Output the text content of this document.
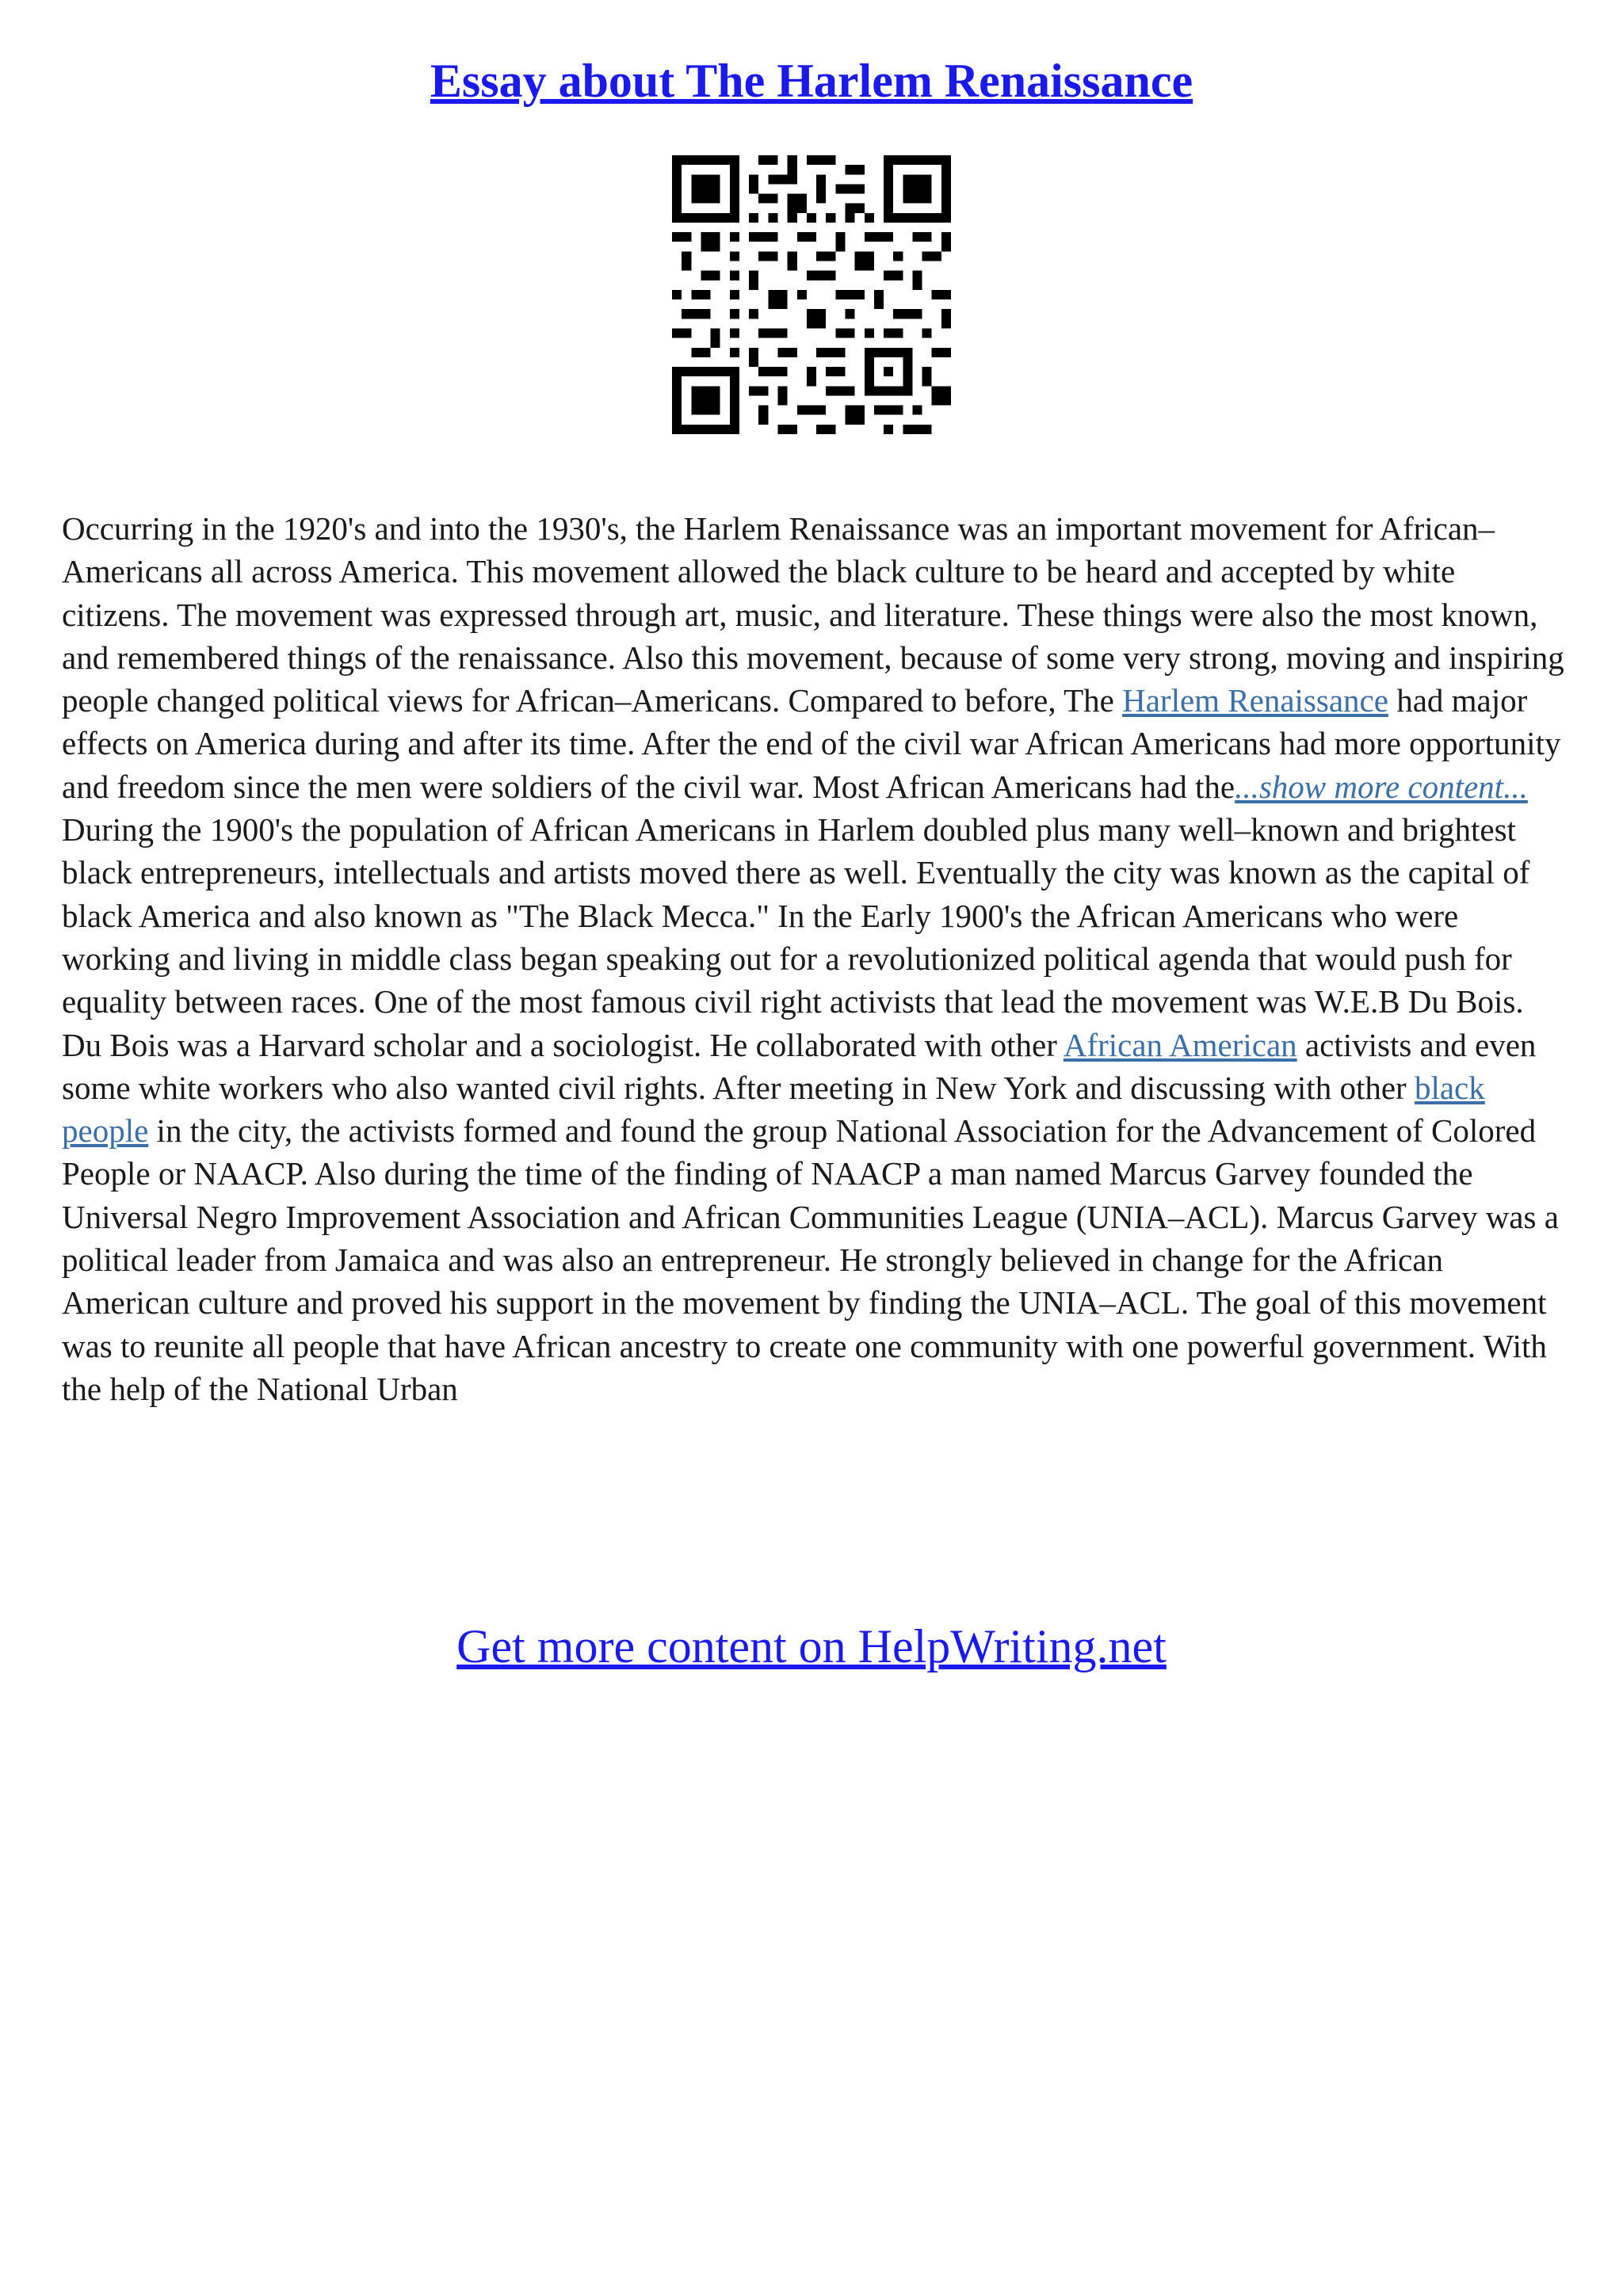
Essay about The Harlem Renaissance

Occurring in the 1920's and into the 1930's, the Harlem Renaissance was an important movement for African–Americans all across America. This movement allowed the black culture to be heard and accepted by white citizens. The movement was expressed through art, music, and literature. These things were also the most known, and remembered things of the renaissance. Also this movement, because of some very strong, moving and inspiring people changed political views for African–Americans. Compared to before, The Harlem Renaissance had major effects on America during and after its time. After the end of the civil war African Americans had more opportunity and freedom since the men were soldiers of the civil war. Most African Americans had the...show more content...

During the 1900's the population of African Americans in Harlem doubled plus many well–known and brightest black entrepreneurs, intellectuals and artists moved there as well. Eventually the city was known as the capital of black America and also known as "The Black Mecca." In the Early 1900's the African Americans who were working and living in middle class began speaking out for a revolutionized political agenda that would push for equality between races. One of the most famous civil right activists that lead the movement was W.E.B Du Bois. Du Bois was a Harvard scholar and a sociologist. He collaborated with other African American activists and even some white workers who also wanted civil rights. After meeting in New York and discussing with other black people in the city, the activists formed and found the group National Association for the Advancement of Colored People or NAACP. Also during the time of the finding of NAACP a man named Marcus Garvey founded the Universal Negro Improvement Association and African Communities League (UNIA–ACL). Marcus Garvey was a political leader from Jamaica and was also an entrepreneur. He strongly believed in change for the African American culture and proved his support in the movement by finding the UNIA–ACL. The goal of this movement was to reunite all people that have African ancestry to create one community with one powerful government. With the help of the National Urban

Get more content on HelpWriting.net
